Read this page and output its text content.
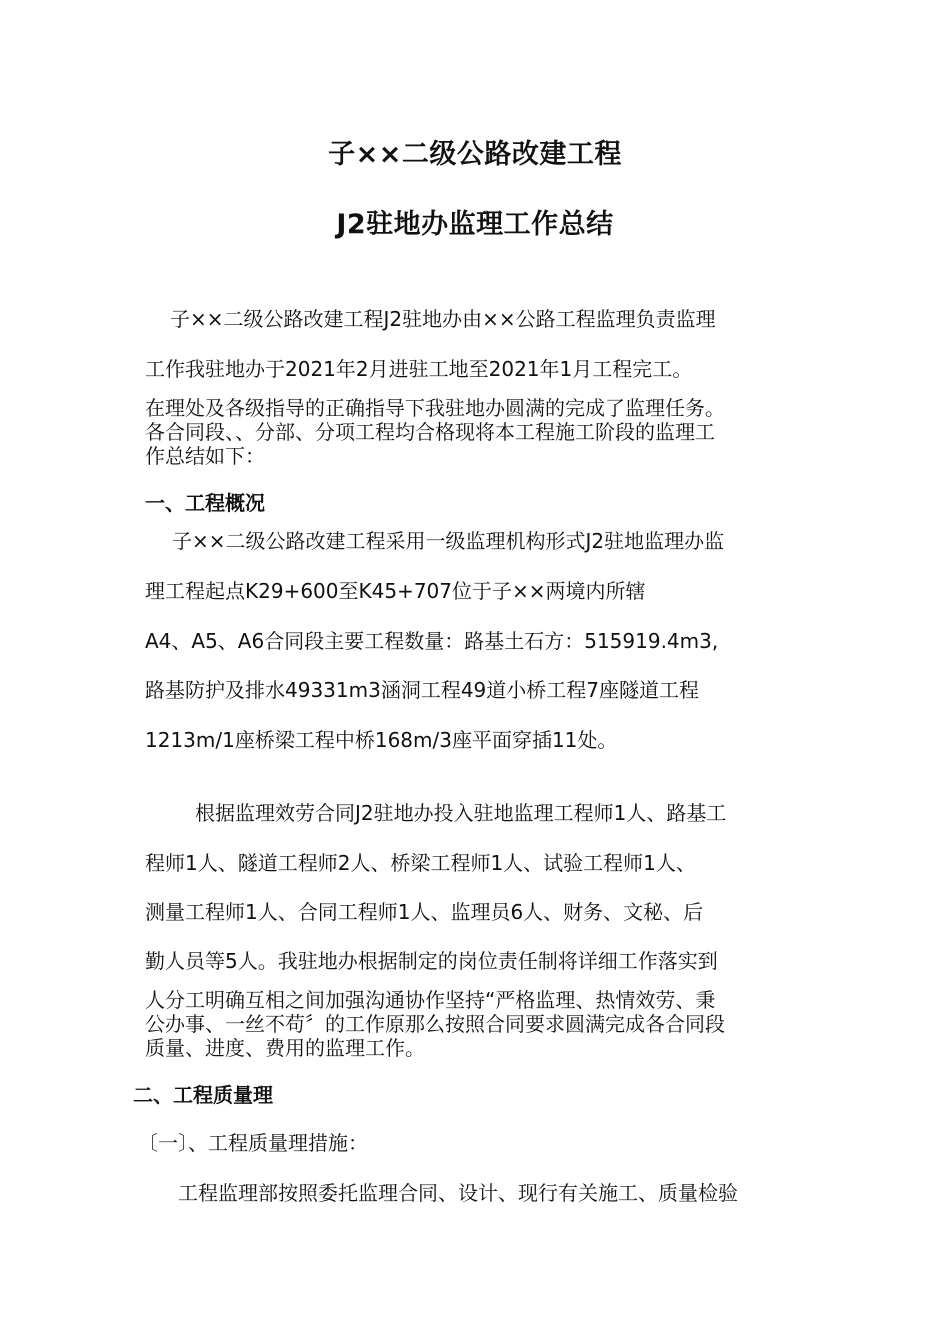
子××二级公路改建工程
J2驻地办监理工作总结

子××二级公路改建工程J2驻地办由××公路工程监理负责监理

工作我驻地办于2021年2月进驻工地至2021年1月工程完工。

在理处及各级指导的正确指导下我驻地办圆满的完成了监理任务。
各合同段、、分部、分项工程均合格现将本工程施工阶段的监理工
作总结如下：

一、工程概况

子××二级公路改建工程采用一级监理机构形式J2驻地监理办监

理工程起点K29+600至K45+707位于子××两境内所辖

A4、A5、A6合同段主要工程数量：路基土石方：515919.4m3,

路基防护及排水49331m3涵洞工程49道小桥工程7座隧道工程

1213m/1座桥梁工程中桥168m/3座平面穿插11处。

根据监理效劳合同J2驻地办投入驻地监理工程师1人、路基工

程师1人、隧道工程师2人、桥梁工程师1人、试验工程师1人、

测量工程师1人、合同工程师1人、监理员6人、财务、文秘、后

勤人员等5人。我驻地办根据制定的岗位责任制将详细工作落实到

人分工明确互相之间加强沟通协作坚持“严格监理、热情效劳、秉
公办事、一丝不苟〞的工作原那么按照合同要求圆满完成各合同段
质量、进度、费用的监理工作。

二、工程质量理

〔一〕、工程质量理措施：

工程监理部按照委托监理合同、设计、现行有关施工、质量检验
